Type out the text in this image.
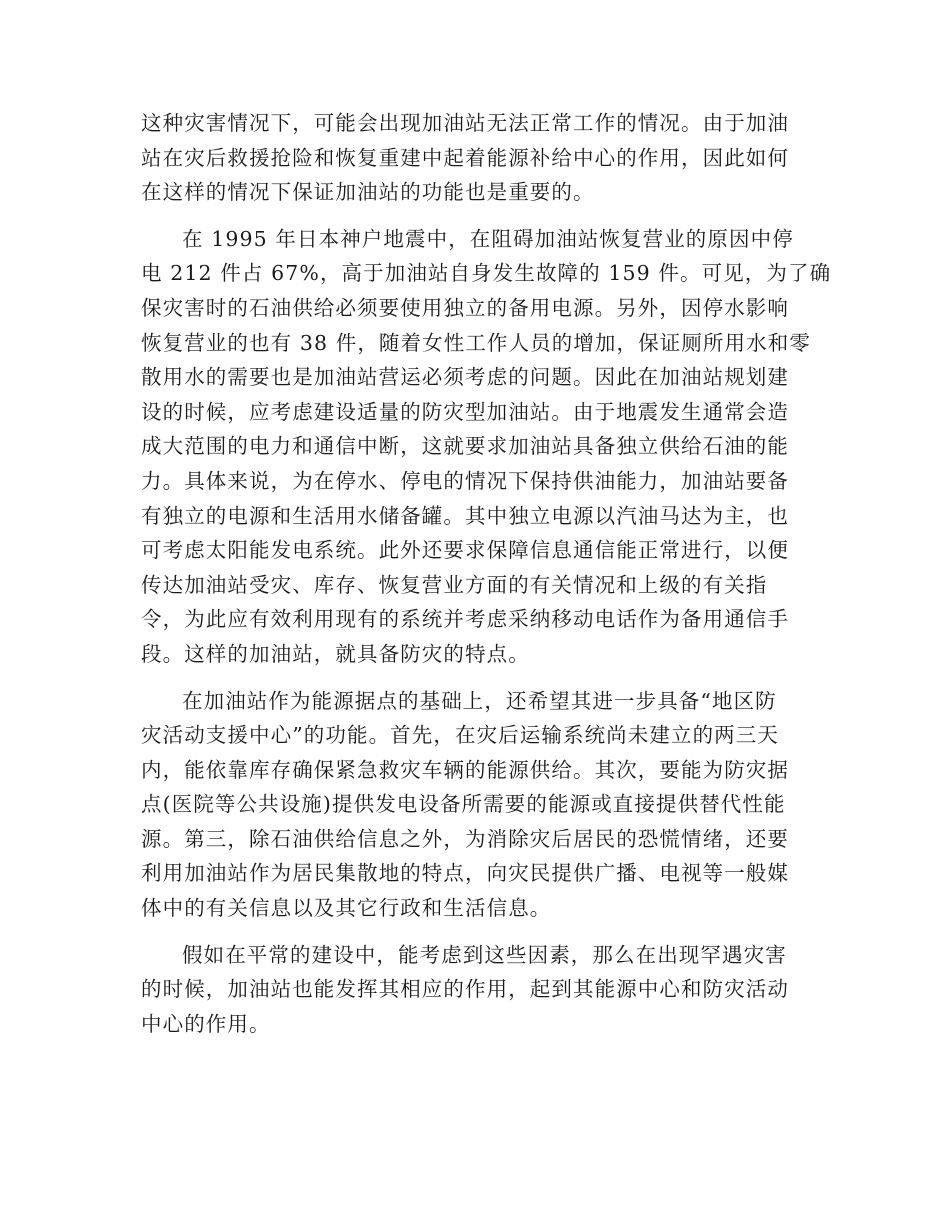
这种灾害情况下，可能会出现加油站无法正常工作的情况。由于加油
站在灾后救援抢险和恢复重建中起着能源补给中心的作用，因此如何
在这样的情况下保证加油站的功能也是重要的。

在 1995 年日本神户地震中，在阻碍加油站恢复营业的原因中停
电 212 件占 67%，高于加油站自身发生故障的 159 件。可见，为了确
保灾害时的石油供给必须要使用独立的备用电源。另外，因停水影响
恢复营业的也有 38 件，随着女性工作人员的增加，保证厕所用水和零
散用水的需要也是加油站营运必须考虑的问题。因此在加油站规划建
设的时候，应考虑建设适量的防灾型加油站。由于地震发生通常会造
成大范围的电力和通信中断，这就要求加油站具备独立供给石油的能
力。具体来说，为在停水、停电的情况下保持供油能力，加油站要备
有独立的电源和生活用水储备罐。其中独立电源以汽油马达为主，也
可考虑太阳能发电系统。此外还要求保障信息通信能正常进行，以便
传达加油站受灾、库存、恢复营业方面的有关情况和上级的有关指
令，为此应有效利用现有的系统并考虑采纳移动电话作为备用通信手
段。这样的加油站，就具备防灾的特点。

在加油站作为能源据点的基础上，还希望其进一步具备“地区防
灾活动支援中心”的功能。首先，在灾后运输系统尚未建立的两三天
内，能依靠库存确保紧急救灾车辆的能源供给。其次，要能为防灾据
点(医院等公共设施)提供发电设备所需要的能源或直接提供替代性能
源。第三，除石油供给信息之外，为消除灾后居民的恐慌情绪，还要
利用加油站作为居民集散地的特点，向灾民提供广播、电视等一般媒
体中的有关信息以及其它行政和生活信息。

假如在平常的建设中，能考虑到这些因素，那么在出现罕遇灾害
的时候，加油站也能发挥其相应的作用，起到其能源中心和防灾活动
中心的作用。
